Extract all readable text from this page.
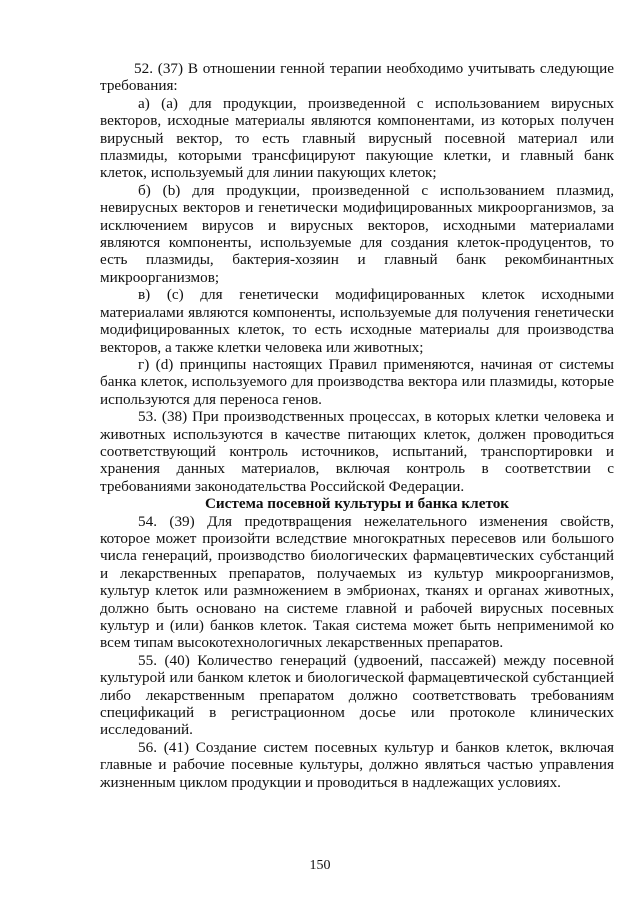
52. (37) В отношении генной терапии необходимо учитывать следующие требования:

а) (a) для продукции, произведенной с использованием вирусных векторов, исходные материалы являются компонентами, из которых получен вирусный вектор, то есть главный вирусный посевной материал или плазмиды, которыми трансфицируют пакующие клетки, и главный банк клеток, используемый для линии пакующих клеток;

б) (b) для продукции, произведенной с использованием плазмид, невирусных векторов и генетически модифицированных микроорганизмов, за исключением вирусов и вирусных векторов, исходными материалами являются компоненты, используемые для создания клеток-продуцентов, то есть плазмиды, бактерия-хозяин и главный банк рекомбинантных микроорганизмов;

в) (c) для генетически модифицированных клеток исходными материалами являются компоненты, используемые для получения генетически модифицированных клеток, то есть исходные материалы для производства векторов, а также клетки человека или животных;

г) (d) принципы настоящих Правил применяются, начиная от системы банка клеток, используемого для производства вектора или плазмиды, которые используются для переноса генов.

53. (38) При производственных процессах, в которых клетки человека и животных используются в качестве питающих клеток, должен проводиться соответствующий контроль источников, испытаний, транспортировки и хранения данных материалов, включая контроль в соответствии с требованиями законодательства Российской Федерации.

Система посевной культуры и банка клеток

54. (39) Для предотвращения нежелательного изменения свойств, которое может произойти вследствие многократных пересевов или большого числа генераций, производство биологических фармацевтических субстанций и лекарственных препаратов, получаемых из культур микроорганизмов, культур клеток или размножением в эмбрионах, тканях и органах животных, должно быть основано на системе главной и рабочей вирусных посевных культур и (или) банков клеток. Такая система может быть неприменимой ко всем типам высокотехнологичных лекарственных препаратов.

55. (40) Количество генераций (удвоений, пассажей) между посевной культурой или банком клеток и биологической фармацевтической субстанцией либо лекарственным препаратом должно соответствовать требованиям спецификаций в регистрационном досье или протоколе клинических исследований.

56. (41) Создание систем посевных культур и банков клеток, включая главные и рабочие посевные культуры, должно являться частью управления жизненным циклом продукции и проводиться в надлежащих условиях.

150
